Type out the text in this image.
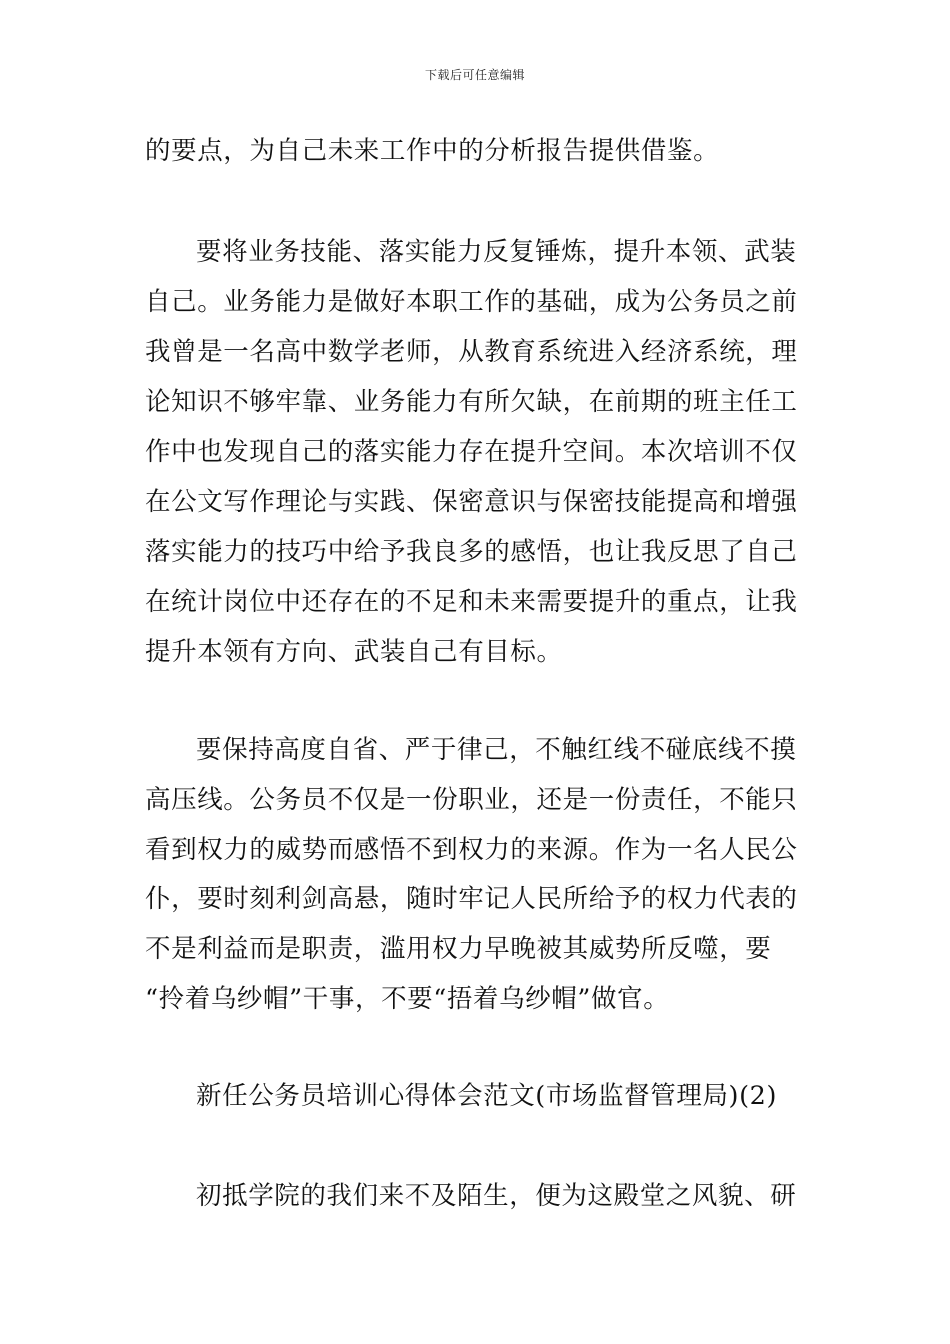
下载后可任意编辑
的要点，为自己未来工作中的分析报告提供借鉴。
要将业务技能、落实能力反复锤炼，提升本领、武装
自己。业务能力是做好本职工作的基础，成为公务员之前
我曾是一名高中数学老师，从教育系统进入经济系统，理
论知识不够牢靠、业务能力有所欠缺，在前期的班主任工
作中也发现自己的落实能力存在提升空间。本次培训不仅
在公文写作理论与实践、保密意识与保密技能提高和增强
落实能力的技巧中给予我良多的感悟，也让我反思了自己
在统计岗位中还存在的不足和未来需要提升的重点，让我
提升本领有方向、武装自己有目标。
要保持高度自省、严于律己，不触红线不碰底线不摸
高压线。公务员不仅是一份职业，还是一份责任，不能只
看到权力的威势而感悟不到权力的来源。作为一名人民公
仆，要时刻利剑高悬，随时牢记人民所给予的权力代表的
不是利益而是职责，滥用权力早晚被其威势所反噬，要
“拎着乌纱帽”干事，不要“捂着乌纱帽”做官。
新任公务员培训心得体会范文(市场监督管理局)(2)
初抵学院的我们来不及陌生，便为这殿堂之风貌、研
